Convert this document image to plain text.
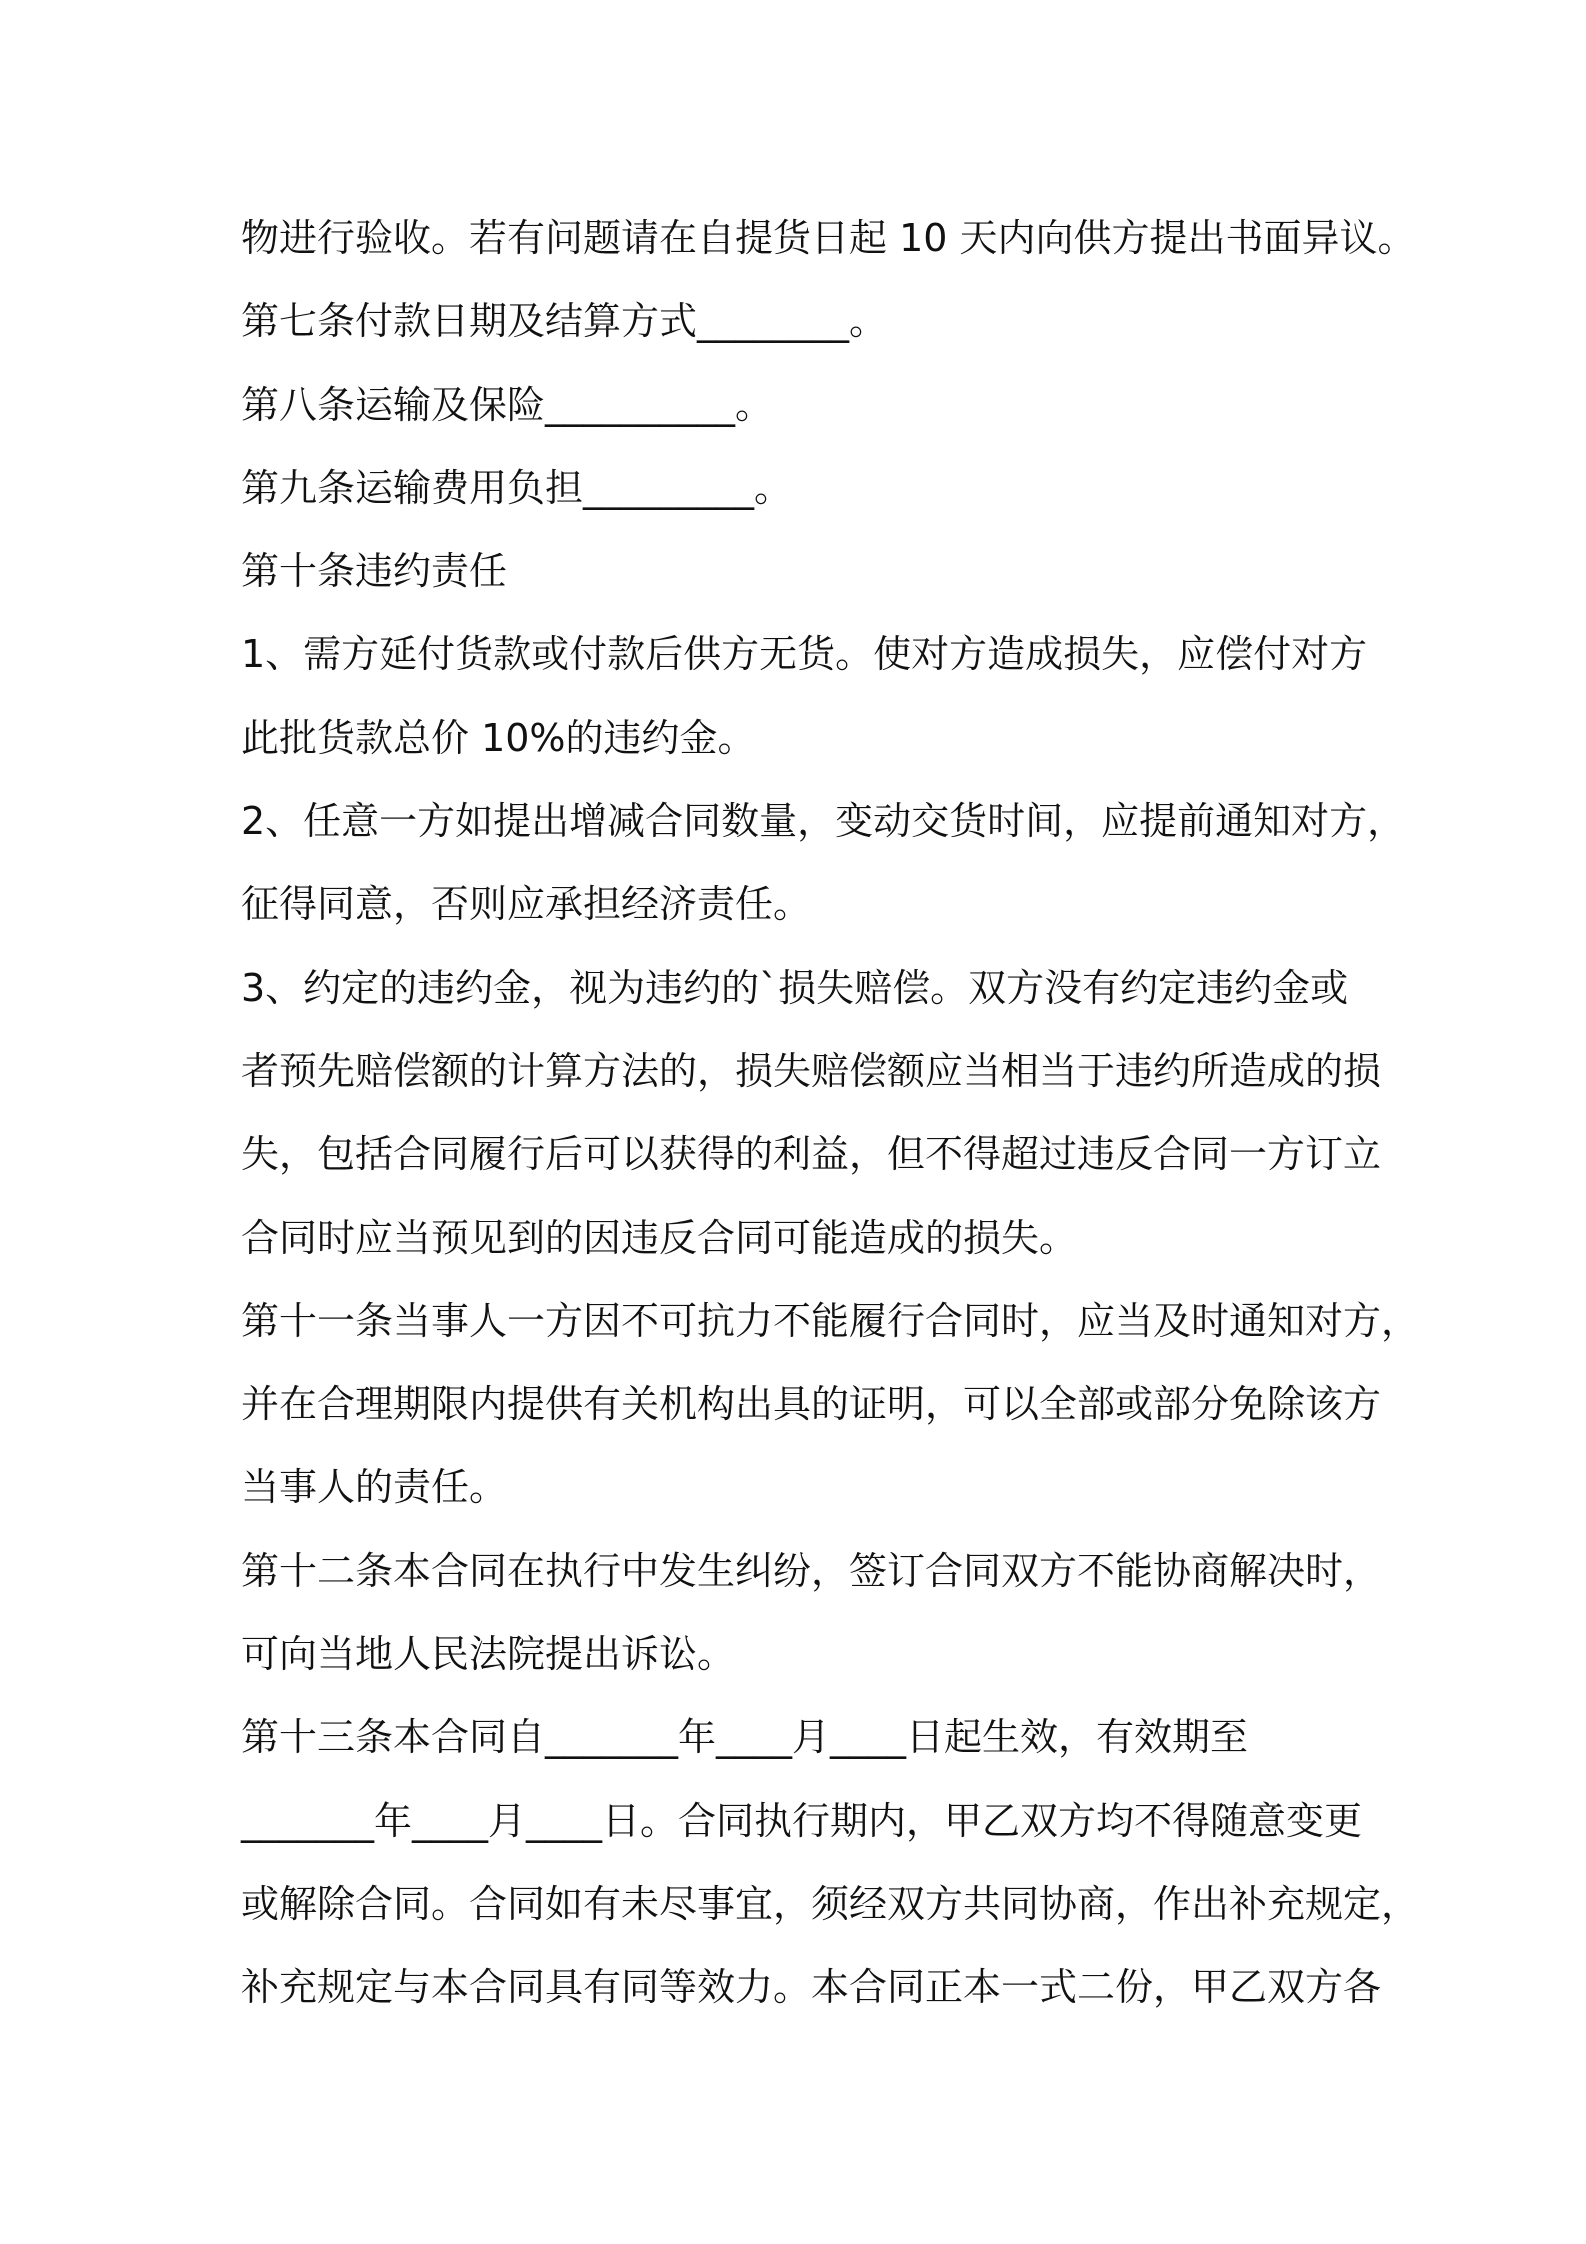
物进行验收。若有问题请在自提货日起 10 天内向供方提出书面异议。
第七条付款日期及结算方式________。
第八条运输及保险__________。
第九条运输费用负担_________。
第十条违约责任
1、需方延付货款或付款后供方无货。使对方造成损失，应偿付对方
此批货款总价 10%的违约金。
2、任意一方如提出增减合同数量，变动交货时间，应提前通知对方，
征得同意，否则应承担经济责任。
3、约定的违约金，视为违约的`损失赔偿。双方没有约定违约金或
者预先赔偿额的计算方法的，损失赔偿额应当相当于违约所造成的损
失，包括合同履行后可以获得的利益，但不得超过违反合同一方订立
合同时应当预见到的因违反合同可能造成的损失。
第十一条当事人一方因不可抗力不能履行合同时，应当及时通知对方，
并在合理期限内提供有关机构出具的证明，可以全部或部分免除该方
当事人的责任。
第十二条本合同在执行中发生纠纷，签订合同双方不能协商解决时，
可向当地人民法院提出诉讼。
第十三条本合同自_______年____月____日起生效，有效期至
_______年____月____日。合同执行期内，甲乙双方均不得随意变更
或解除合同。合同如有未尽事宜，须经双方共同协商，作出补充规定，
补充规定与本合同具有同等效力。本合同正本一式二份，甲乙双方各
